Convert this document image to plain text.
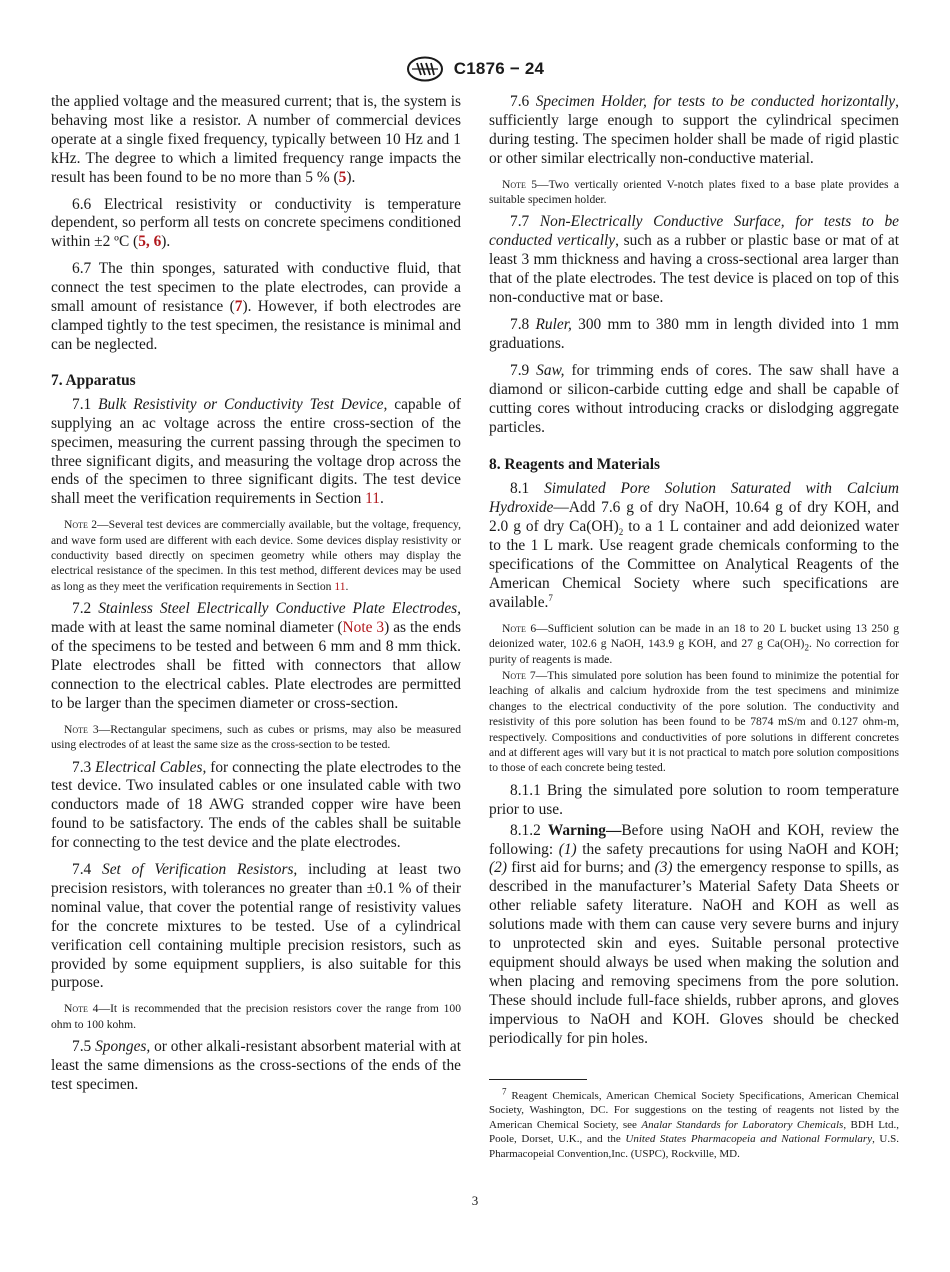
C1876 − 24

the applied voltage and the measured current; that is, the system is behaving most like a resistor. A number of commercial devices operate at a single fixed frequency, typically between 10 Hz and 1 kHz. The degree to which a limited frequency range impacts the result has been found to be no more than 5 % (5).

6.6 Electrical resistivity or conductivity is temperature dependent, so perform all tests on concrete specimens conditioned within ±2 ºC (5, 6).

6.7 The thin sponges, saturated with conductive fluid, that connect the test specimen to the plate electrodes, can provide a small amount of resistance (7). However, if both electrodes are clamped tightly to the test specimen, the resistance is minimal and can be neglected.

7. Apparatus

7.1 Bulk Resistivity or Conductivity Test Device, capable of supplying an ac voltage across the entire cross-section of the specimen, measuring the current passing through the specimen to three significant digits, and measuring the voltage drop across the ends of the specimen to three significant digits. The test device shall meet the verification requirements in Section 11.

Note 2—Several test devices are commercially available, but the voltage, frequency, and wave form used are different with each device. Some devices display resistivity or conductivity based directly on specimen geometry while others may display the electrical resistance of the specimen. In this test method, different devices may be used as long as they meet the verification requirements in Section 11.

7.2 Stainless Steel Electrically Conductive Plate Electrodes, made with at least the same nominal diameter (Note 3) as the ends of the specimens to be tested and between 6 mm and 8 mm thick. Plate electrodes shall be fitted with connectors that allow connection to the electrical cables. Plate electrodes are permitted to be larger than the specimen diameter or cross-section.

Note 3—Rectangular specimens, such as cubes or prisms, may also be measured using electrodes of at least the same size as the cross-section to be tested.

7.3 Electrical Cables, for connecting the plate electrodes to the test device. Two insulated cables or one insulated cable with two conductors made of 18 AWG stranded copper wire have been found to be satisfactory. The ends of the cables shall be suitable for connecting to the test device and the plate electrodes.

7.4 Set of Verification Resistors, including at least two precision resistors, with tolerances no greater than ±0.1 % of their nominal value, that cover the potential range of resistivity values for the concrete mixtures to be tested. Use of a cylindrical verification cell containing multiple precision resistors, such as provided by some equipment suppliers, is also suitable for this purpose.

Note 4—It is recommended that the precision resistors cover the range from 100 ohm to 100 kohm.

7.5 Sponges, or other alkali-resistant absorbent material with at least the same dimensions as the cross-sections of the ends of the test specimen.

7.6 Specimen Holder, for tests to be conducted horizontally, sufficiently large enough to support the cylindrical specimen during testing. The specimen holder shall be made of rigid plastic or other similar electrically non-conductive material.

Note 5—Two vertically oriented V-notch plates fixed to a base plate provides a suitable specimen holder.

7.7 Non-Electrically Conductive Surface, for tests to be conducted vertically, such as a rubber or plastic base or mat of at least 3 mm thickness and having a cross-sectional area larger than that of the plate electrodes. The test device is placed on top of this non-conductive mat or base.

7.8 Ruler, 300 mm to 380 mm in length divided into 1 mm graduations.

7.9 Saw, for trimming ends of cores. The saw shall have a diamond or silicon-carbide cutting edge and shall be capable of cutting cores without introducing cracks or dislodging aggregate particles.

8. Reagents and Materials

8.1 Simulated Pore Solution Saturated with Calcium Hydroxide—Add 7.6 g of dry NaOH, 10.64 g of dry KOH, and 2.0 g of dry $Ca(OH)_2$ to a 1 L container and add deionized water to the 1 L mark. Use reagent grade chemicals conforming to the specifications of the Committee on Analytical Reagents of the American Chemical Society where such specifications are available.$^7$

Note 6—Sufficient solution can be made in an 18 to 20 L bucket using 13 250 g deionized water, 102.6 g NaOH, 143.9 g KOH, and 27 g $Ca(OH)_2$. No correction for purity of reagents is made.

Note 7—This simulated pore solution has been found to minimize the potential for leaching of alkalis and calcium hydroxide from the test specimens and minimize changes to the electrical conductivity of the pore solution. The conductivity and resistivity of this pore solution has been found to be 7874 mS/m and 0.127 ohm-m, respectively. Compositions and conductivities of pore solutions in different concretes and at different ages will vary but it is not practical to match pore solution compositions to those of each concrete being tested.

8.1.1 Bring the simulated pore solution to room temperature prior to use.

8.1.2 Warning—Before using NaOH and KOH, review the following: (1) the safety precautions for using NaOH and KOH; (2) first aid for burns; and (3) the emergency response to spills, as described in the manufacturer’s Material Safety Data Sheets or other reliable safety literature. NaOH and KOH as well as solutions made with them can cause very severe burns and injury to unprotected skin and eyes. Suitable personal protective equipment should always be used when making the solution and when placing and removing specimens from the pore solution. These should include full-face shields, rubber aprons, and gloves impervious to NaOH and KOH. Gloves should be checked periodically for pin holes.

$^7$ Reagent Chemicals, American Chemical Society Specifications, American Chemical Society, Washington, DC. For suggestions on the testing of reagents not listed by the American Chemical Society, see Analar Standards for Laboratory Chemicals, BDH Ltd., Poole, Dorset, U.K., and the United States Pharmacopeia and National Formulary, U.S. Pharmacopeial Convention,Inc. (USPC), Rockville, MD.

3
